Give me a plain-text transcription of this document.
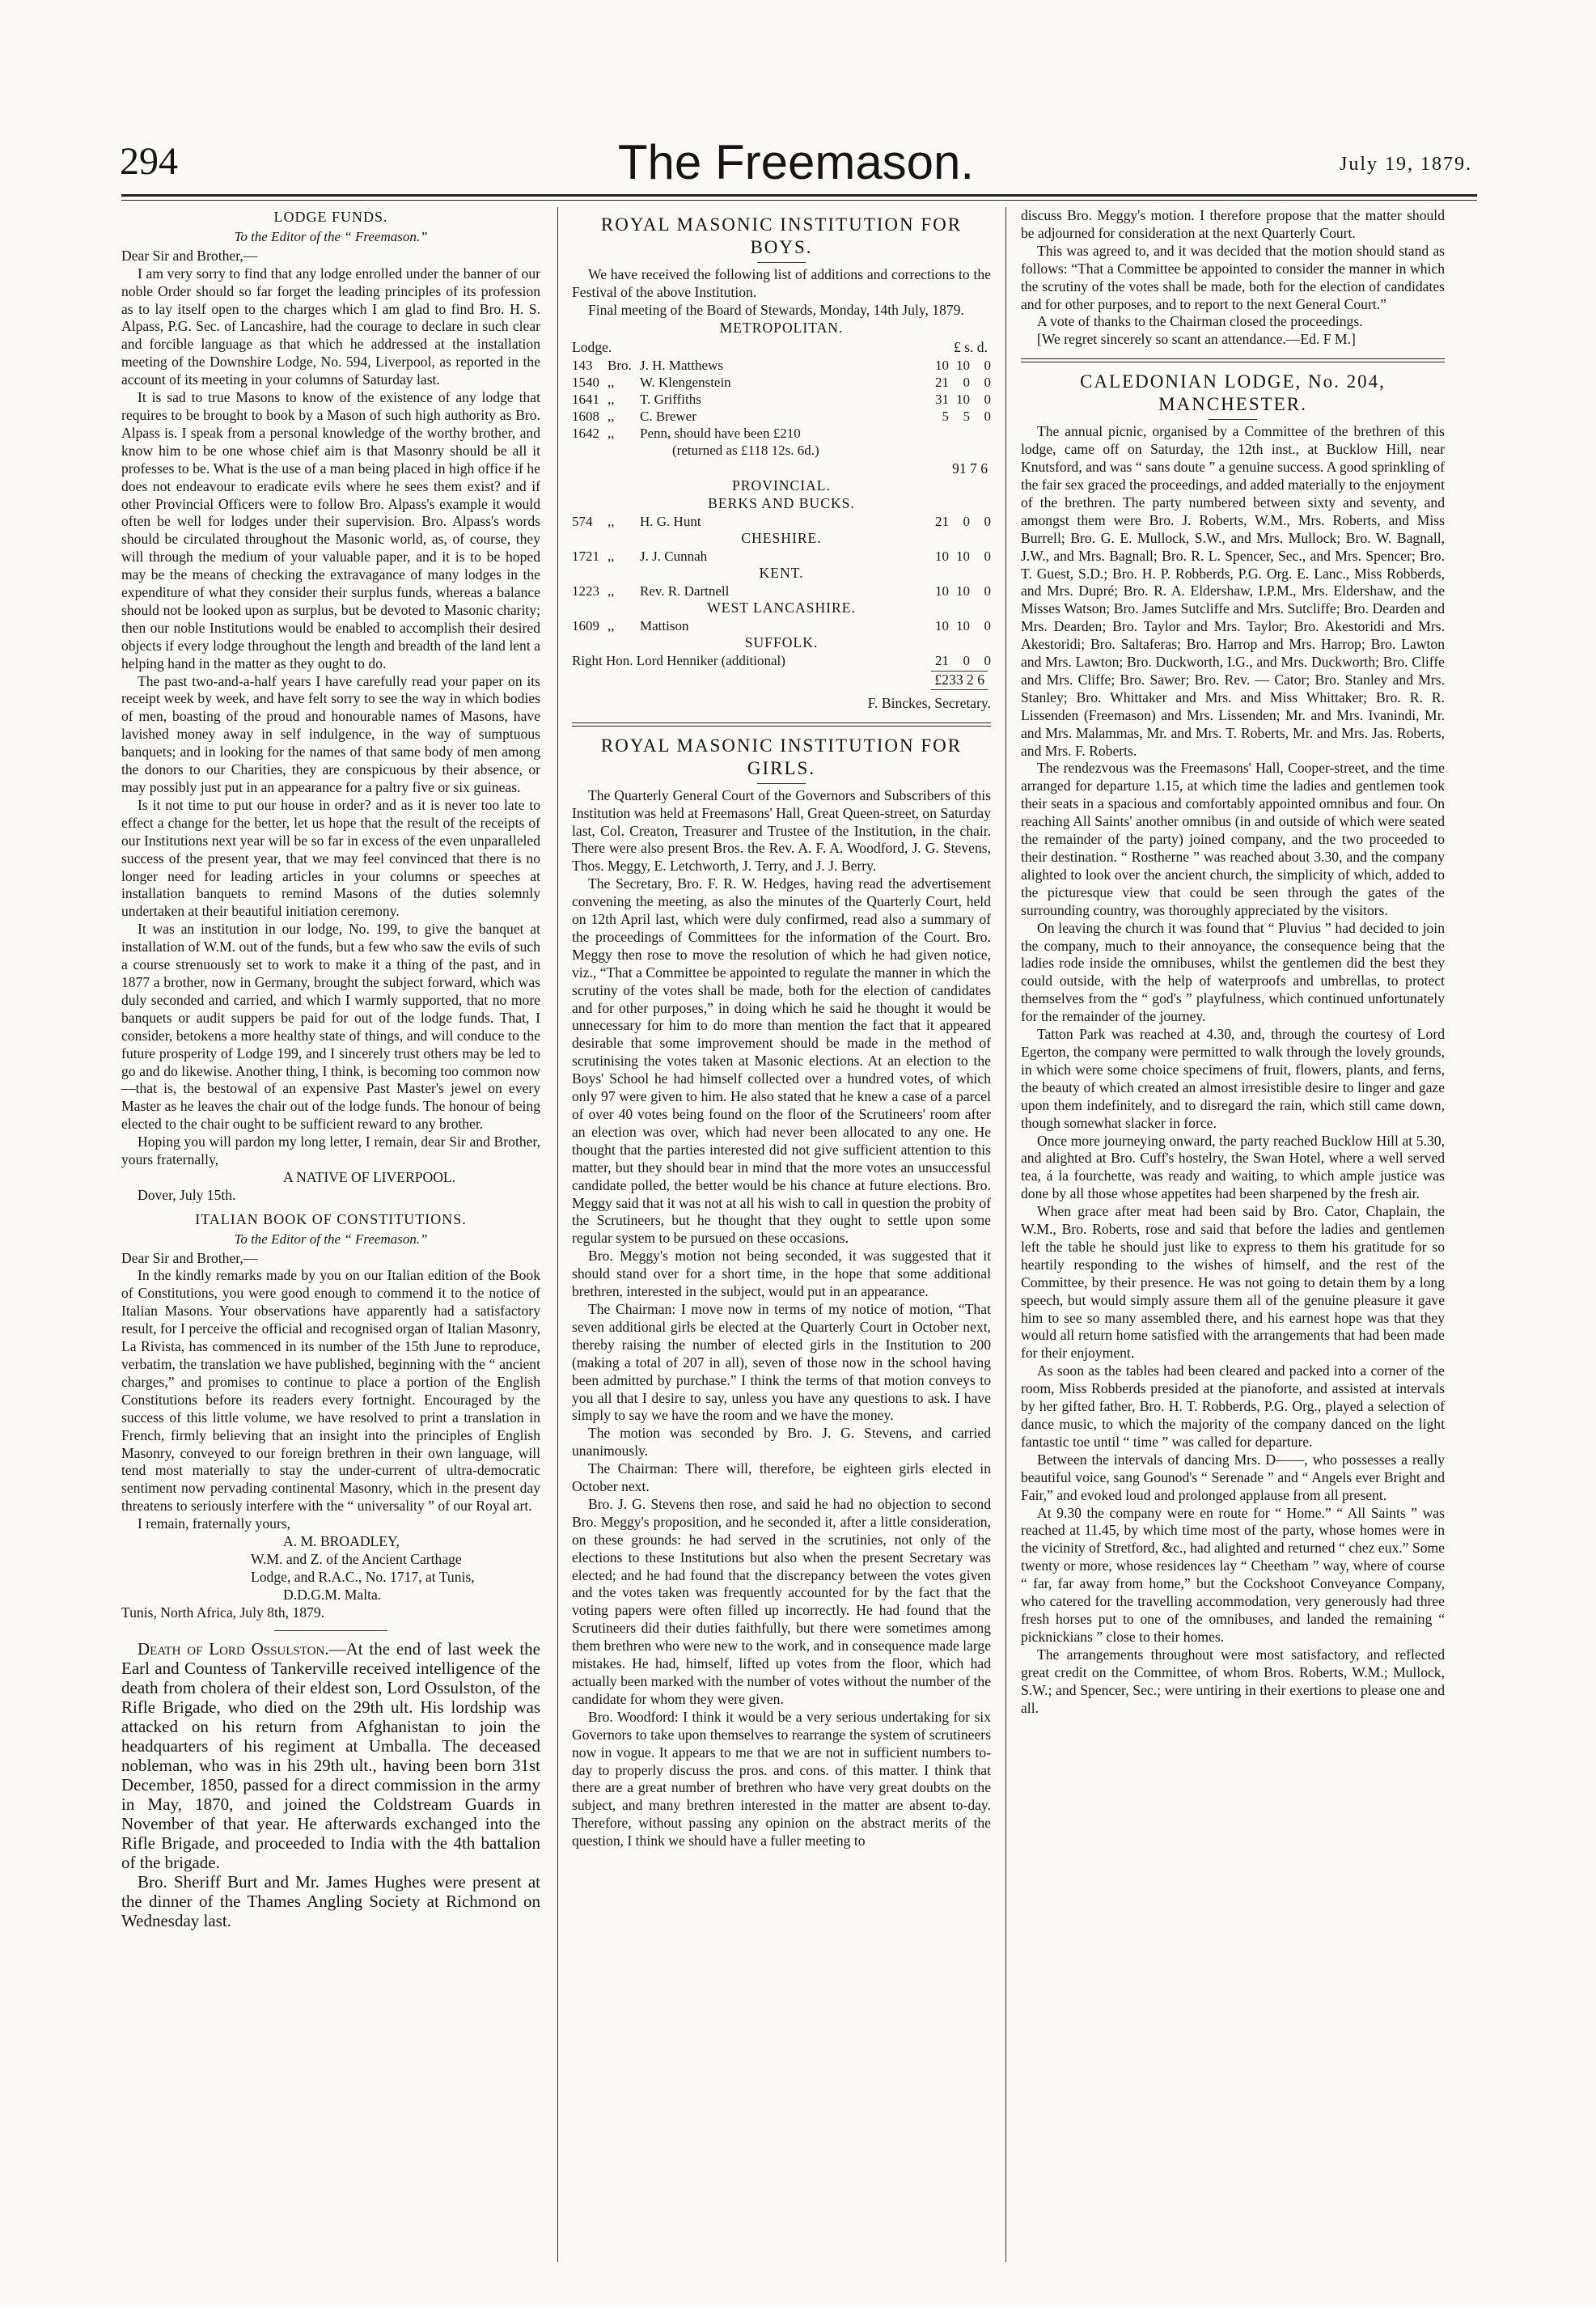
294	The Freemason.	July 19, 1879.
LODGE FUNDS.
To the Editor of the “ Freemason.”

Dear Sir and Brother,—

I am very sorry to find that any lodge enrolled under the banner of our noble Order should so far forget the leading principles of its profession as to lay itself open to the charges which I am glad to find Bro. H. S. Alpass, P.G. Sec. of Lancashire, had the courage to declare in such clear and forcible language as that which he addressed at the installation meeting of the Downshire Lodge, No. 594, Liverpool, as reported in the account of its meeting in your columns of Saturday last.

It is sad to true Masons to know of the existence of any lodge that requires to be brought to book by a Mason of such high authority as Bro. Alpass is. I speak from a personal knowledge of the worthy brother, and know him to be one whose chief aim is that Masonry should be all it professes to be. What is the use of a man being placed in high office if he does not endeavour to eradicate evils where he sees them exist? and if other Provincial Officers were to follow Bro. Alpass's example it would often be well for lodges under their supervision. Bro. Alpass's words should be circulated throughout the Masonic world, as, of course, they will through the medium of your valuable paper, and it is to be hoped may be the means of checking the extravagance of many lodges in the expenditure of what they consider their surplus funds, whereas a balance should not be looked upon as surplus, but be devoted to Masonic charity; then our noble Institutions would be enabled to accomplish their desired objects if every lodge throughout the length and breadth of the land lent a helping hand in the matter as they ought to do.

The past two-and-a-half years I have carefully read your paper on its receipt week by week, and have felt sorry to see the way in which bodies of men, boasting of the proud and honourable names of Masons, have lavished money away in self indulgence, in the way of sumptuous banquets; and in looking for the names of that same body of men among the donors to our Charities, they are conspicuous by their absence, or may possibly just put in an appearance for a paltry five or six guineas.

Is it not time to put our house in order? and as it is never too late to effect a change for the better, let us hope that the result of the receipts of our Institutions next year will be so far in excess of the even unparalleled success of the present year, that we may feel convinced that there is no longer need for leading articles in your columns or speeches at installation banquets to remind Masons of the duties solemnly undertaken at their beautiful initiation ceremony.

It was an institution in our lodge, No. 199, to give the banquet at installation of W.M. out of the funds, but a few who saw the evils of such a course strenuously set to work to make it a thing of the past, and in 1877 a brother, now in Germany, brought the subject forward, which was duly seconded and carried, and which I warmly supported, that no more banquets or audit suppers be paid for out of the lodge funds. That, I consider, betokens a more healthy state of things, and will conduce to the future prosperity of Lodge 199, and I sincerely trust others may be led to go and do likewise. Another thing, I think, is becoming too common now—that is, the bestowal of an expensive Past Master's jewel on every Master as he leaves the chair out of the lodge funds. The honour of being elected to the chair ought to be sufficient reward to any brother.

Hoping you will pardon my long letter, I remain, dear Sir and Brother, yours fraternally,

A NATIVE OF LIVERPOOL.

Dover, July 15th.

ITALIAN BOOK OF CONSTITUTIONS.
To the Editor of the “ Freemason.”

Dear Sir and Brother,—

In the kindly remarks made by you on our Italian edition of the Book of Constitutions, you were good enough to commend it to the notice of Italian Masons. Your observations have apparently had a satisfactory result, for I perceive the official and recognised organ of Italian Masonry, La Rivista, has commenced in its number of the 15th June to reproduce, verbatim, the translation we have published, beginning with the “ ancient charges,” and promises to continue to place a portion of the English Constitutions before its readers every fortnight. Encouraged by the success of this little volume, we have resolved to print a translation in French, firmly believing that an insight into the principles of English Masonry, conveyed to our foreign brethren in their own language, will tend most materially to stay the under-current of ultra-democratic sentiment now pervading continental Masonry, which in the present day threatens to seriously interfere with the “ universality ” of our Royal art.

I remain, fraternally yours,

A. M. BROADLEY,

W.M. and Z. of the Ancient Carthage

Lodge, and R.A.C., No. 1717, at Tunis,

D.D.G.M. Malta.

Tunis, North Africa, July 8th, 1879.

Death of Lord Ossulston.—At the end of last week the Earl and Countess of Tankerville received intelligence of the death from cholera of their eldest son, Lord Ossulston, of the Rifle Brigade, who died on the 29th ult. His lordship was attacked on his return from Afghanistan to join the headquarters of his regiment at Umballa. The deceased nobleman, who was in his 29th ult., having been born 31st December, 1850, passed for a direct commission in the army in May, 1870, and joined the Coldstream Guards in November of that year. He afterwards exchanged into the Rifle Brigade, and proceeded to India with the 4th battalion of the brigade.

Bro. Sheriff Burt and Mr. James Hughes were present at the dinner of the Thames Angling Society at Richmond on Wednesday last.

ROYAL MASONIC INSTITUTION FOR BOYS.

We have received the following list of additions and corrections to the Festival of the above Institution.

Final meeting of the Board of Stewards, Monday, 14th July, 1879.

METROPOLITAN.
Lodge.	£ s. d.
143	Bro.	J. H. Matthews	10	10	0
1540	,,	W. Klengenstein	21	0	0
1641	,,	T. Griffiths	31	10	0
1608	,,	C. Brewer	5	5	0
1642	,,	Penn, should have been £210			
		(returned as £118 12s. 6d.)			
91 7 6
PROVINCIAL.
BERKS AND BUCKS.
574	,,	H. G. Hunt	21	0	0
CHESHIRE.
1721	,,	J. J. Cunnah	10	10	0
KENT.
1223	,,	Rev. R. Dartnell	10	10	0
WEST LANCASHIRE.
1609	,,	Mattison	10	10	0
SUFFOLK.
Right Hon. Lord Henniker (additional)	21	0	0
£233 2 6
F. Binckes, Secretary.
ROYAL MASONIC INSTITUTION FOR GIRLS.

The Quarterly General Court of the Governors and Subscribers of this Institution was held at Freemasons' Hall, Great Queen-street, on Saturday last, Col. Creaton, Treasurer and Trustee of the Institution, in the chair. There were also present Bros. the Rev. A. F. A. Woodford, J. G. Stevens, Thos. Meggy, E. Letchworth, J. Terry, and J. J. Berry.

The Secretary, Bro. F. R. W. Hedges, having read the advertisement convening the meeting, as also the minutes of the Quarterly Court, held on 12th April last, which were duly confirmed, read also a summary of the proceedings of Committees for the information of the Court. Bro. Meggy then rose to move the resolution of which he had given notice, viz., “That a Committee be appointed to regulate the manner in which the scrutiny of the votes shall be made, both for the election of candidates and for other purposes,” in doing which he said he thought it would be unnecessary for him to do more than mention the fact that it appeared desirable that some improvement should be made in the method of scrutinising the votes taken at Masonic elections. At an election to the Boys' School he had himself collected over a hundred votes, of which only 97 were given to him. He also stated that he knew a case of a parcel of over 40 votes being found on the floor of the Scrutineers' room after an election was over, which had never been allocated to any one. He thought that the parties interested did not give sufficient attention to this matter, but they should bear in mind that the more votes an unsuccessful candidate polled, the better would be his chance at future elections. Bro. Meggy said that it was not at all his wish to call in question the probity of the Scrutineers, but he thought that they ought to settle upon some regular system to be pursued on these occasions.

Bro. Meggy's motion not being seconded, it was suggested that it should stand over for a short time, in the hope that some additional brethren, interested in the subject, would put in an appearance.

The Chairman: I move now in terms of my notice of motion, “That seven additional girls be elected at the Quarterly Court in October next, thereby raising the number of elected girls in the Institution to 200 (making a total of 207 in all), seven of those now in the school having been admitted by purchase.” I think the terms of that motion conveys to you all that I desire to say, unless you have any questions to ask. I have simply to say we have the room and we have the money.

The motion was seconded by Bro. J. G. Stevens, and carried unanimously.

The Chairman: There will, therefore, be eighteen girls elected in October next.

Bro. J. G. Stevens then rose, and said he had no objection to second Bro. Meggy's proposition, and he seconded it, after a little consideration, on these grounds: he had served in the scrutinies, not only of the elections to these Institutions but also when the present Secretary was elected; and he had found that the discrepancy between the votes given and the votes taken was frequently accounted for by the fact that the voting papers were often filled up incorrectly. He had found that the Scrutineers did their duties faithfully, but there were sometimes among them brethren who were new to the work, and in consequence made large mistakes. He had, himself, lifted up votes from the floor, which had actually been marked with the number of votes without the number of the candidate for whom they were given.

Bro. Woodford: I think it would be a very serious undertaking for six Governors to take upon themselves to rearrange the system of scrutineers now in vogue. It appears to me that we are not in sufficient numbers to-day to properly discuss the pros. and cons. of this matter. I think that there are a great number of brethren who have very great doubts on the subject, and many brethren interested in the matter are absent to-day. Therefore, without passing any opinion on the abstract merits of the question, I think we should have a fuller meeting to

discuss Bro. Meggy's motion. I therefore propose that the matter should be adjourned for consideration at the next Quarterly Court.

This was agreed to, and it was decided that the motion should stand as follows: “That a Committee be appointed to consider the manner in which the scrutiny of the votes shall be made, both for the election of candidates and for other purposes, and to report to the next General Court.”

A vote of thanks to the Chairman closed the proceedings.

[We regret sincerely so scant an attendance.—Ed. F M.]

CALEDONIAN LODGE, No. 204, MANCHESTER.

The annual picnic, organised by a Committee of the brethren of this lodge, came off on Saturday, the 12th inst., at Bucklow Hill, near Knutsford, and was “ sans doute ” a genuine success. A good sprinkling of the fair sex graced the proceedings, and added materially to the enjoyment of the brethren. The party numbered between sixty and seventy, and amongst them were Bro. J. Roberts, W.M., Mrs. Roberts, and Miss Burrell; Bro. G. E. Mullock, S.W., and Mrs. Mullock; Bro. W. Bagnall, J.W., and Mrs. Bagnall; Bro. R. L. Spencer, Sec., and Mrs. Spencer; Bro. T. Guest, S.D.; Bro. H. P. Robberds, P.G. Org. E. Lanc., Miss Robberds, and Mrs. Dupré; Bro. R. A. Eldershaw, I.P.M., Mrs. Eldershaw, and the Misses Watson; Bro. James Sutcliffe and Mrs. Sutcliffe; Bro. Dearden and Mrs. Dearden; Bro. Taylor and Mrs. Taylor; Bro. Akestoridi and Mrs. Akestoridi; Bro. Saltaferas; Bro. Harrop and Mrs. Harrop; Bro. Lawton and Mrs. Lawton; Bro. Duckworth, I.G., and Mrs. Duckworth; Bro. Cliffe and Mrs. Cliffe; Bro. Sawer; Bro. Rev. — Cator; Bro. Stanley and Mrs. Stanley; Bro. Whittaker and Mrs. and Miss Whittaker; Bro. R. R. Lissenden (Freemason) and Mrs. Lissenden; Mr. and Mrs. Ivanindi, Mr. and Mrs. Malammas, Mr. and Mrs. T. Roberts, Mr. and Mrs. Jas. Roberts, and Mrs. F. Roberts.

The rendezvous was the Freemasons' Hall, Cooper-street, and the time arranged for departure 1.15, at which time the ladies and gentlemen took their seats in a spacious and comfortably appointed omnibus and four. On reaching All Saints' another omnibus (in and outside of which were seated the remainder of the party) joined company, and the two proceeded to their destination. “ Rostherne ” was reached about 3.30, and the company alighted to look over the ancient church, the simplicity of which, added to the picturesque view that could be seen through the gates of the surrounding country, was thoroughly appreciated by the visitors.

On leaving the church it was found that “ Pluvius ” had decided to join the company, much to their annoyance, the consequence being that the ladies rode inside the omnibuses, whilst the gentlemen did the best they could outside, with the help of waterproofs and umbrellas, to protect themselves from the “ god's ” playfulness, which continued unfortunately for the remainder of the journey.

Tatton Park was reached at 4.30, and, through the courtesy of Lord Egerton, the company were permitted to walk through the lovely grounds, in which were some choice specimens of fruit, flowers, plants, and ferns, the beauty of which created an almost irresistible desire to linger and gaze upon them indefinitely, and to disregard the rain, which still came down, though somewhat slacker in force.

Once more journeying onward, the party reached Bucklow Hill at 5.30, and alighted at Bro. Cuff's hostelry, the Swan Hotel, where a well served tea, á la fourchette, was ready and waiting, to which ample justice was done by all those whose appetites had been sharpened by the fresh air.

When grace after meat had been said by Bro. Cator, Chaplain, the W.M., Bro. Roberts, rose and said that before the ladies and gentlemen left the table he should just like to express to them his gratitude for so heartily responding to the wishes of himself, and the rest of the Committee, by their presence. He was not going to detain them by a long speech, but would simply assure them all of the genuine pleasure it gave him to see so many assembled there, and his earnest hope was that they would all return home satisfied with the arrangements that had been made for their enjoyment.

As soon as the tables had been cleared and packed into a corner of the room, Miss Robberds presided at the pianoforte, and assisted at intervals by her gifted father, Bro. H. T. Robberds, P.G. Org., played a selection of dance music, to which the majority of the company danced on the light fantastic toe until “ time ” was called for departure.

Between the intervals of dancing Mrs. D——, who possesses a really beautiful voice, sang Gounod's “ Serenade ” and “ Angels ever Bright and Fair,” and evoked loud and prolonged applause from all present.

At 9.30 the company were en route for “ Home.” “ All Saints ” was reached at 11.45, by which time most of the party, whose homes were in the vicinity of Stretford, &c., had alighted and returned “ chez eux.” Some twenty or more, whose residences lay “ Cheetham ” way, where of course “ far, far away from home,” but the Cockshoot Conveyance Company, who catered for the travelling accommodation, very generously had three fresh horses put to one of the omnibuses, and landed the remaining “ picknickians ” close to their homes.

The arrangements throughout were most satisfactory, and reflected great credit on the Committee, of whom Bros. Roberts, W.M.; Mullock, S.W.; and Spencer, Sec.; were untiring in their exertions to please one and all.
